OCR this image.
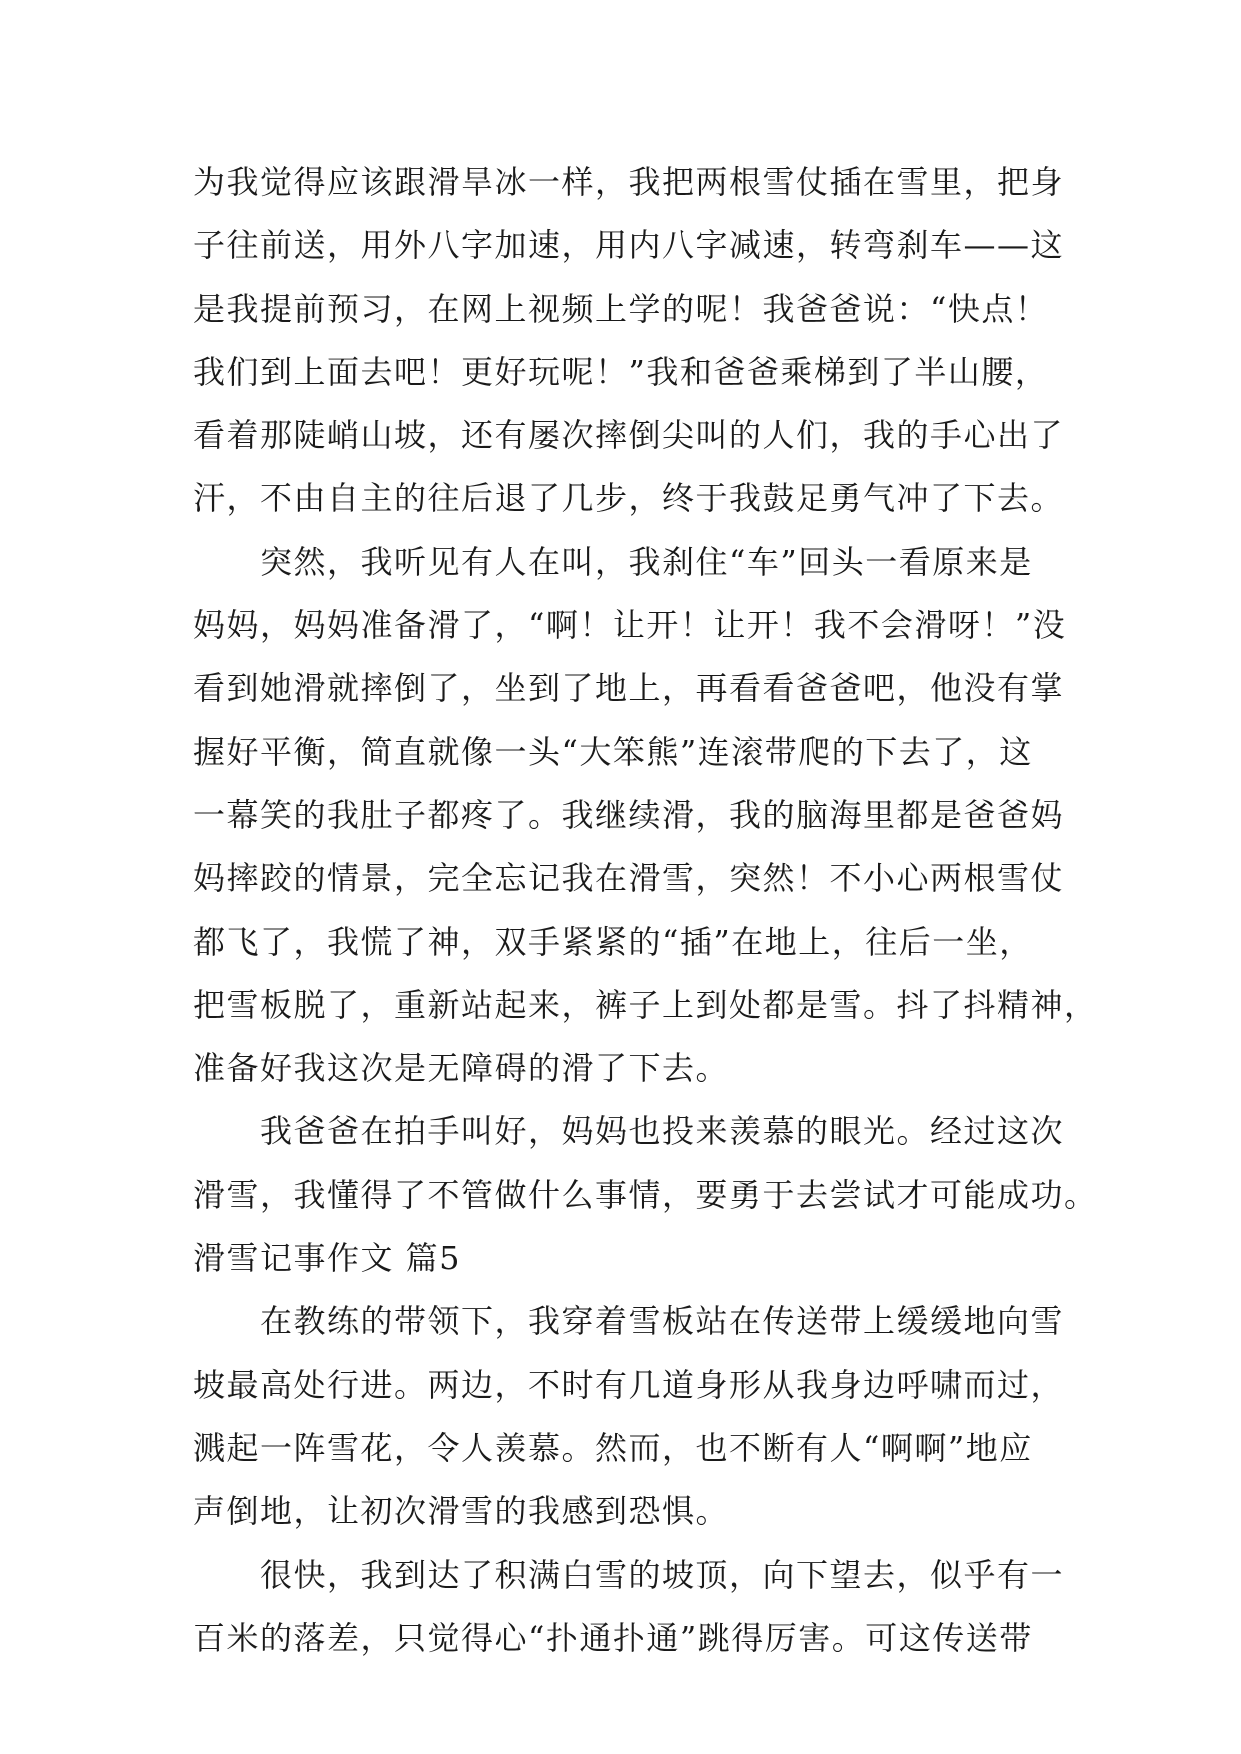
为我觉得应该跟滑旱冰一样，我把两根雪仗插在雪里，把身
子往前送，用外八字加速，用内八字减速，转弯刹车——这
是我提前预习，在网上视频上学的呢！我爸爸说：“快点！
我们到上面去吧！更好玩呢！”我和爸爸乘梯到了半山腰，
看着那陡峭山坡，还有屡次摔倒尖叫的人们，我的手心出了
汗，不由自主的往后退了几步，终于我鼓足勇气冲了下去。
　　突然，我听见有人在叫，我刹住“车”回头一看原来是
妈妈，妈妈准备滑了，“啊！让开！让开！我不会滑呀！”没
看到她滑就摔倒了，坐到了地上，再看看爸爸吧，他没有掌
握好平衡，简直就像一头“大笨熊”连滚带爬的下去了，这
一幕笑的我肚子都疼了。我继续滑，我的脑海里都是爸爸妈
妈摔跤的情景，完全忘记我在滑雪，突然！不小心两根雪仗
都飞了，我慌了神，双手紧紧的“插”在地上，往后一坐，
把雪板脱了，重新站起来，裤子上到处都是雪。抖了抖精神，
准备好我这次是无障碍的滑了下去。
　　我爸爸在拍手叫好，妈妈也投来羡慕的眼光。经过这次
滑雪，我懂得了不管做什么事情，要勇于去尝试才可能成功。
滑雪记事作文 篇5
　　在教练的带领下，我穿着雪板站在传送带上缓缓地向雪
坡最高处行进。两边，不时有几道身形从我身边呼啸而过，
溅起一阵雪花，令人羡慕。然而，也不断有人“啊啊”地应
声倒地，让初次滑雪的我感到恐惧。
　　很快，我到达了积满白雪的坡顶，向下望去，似乎有一
百米的落差，只觉得心“扑通扑通”跳得厉害。可这传送带
